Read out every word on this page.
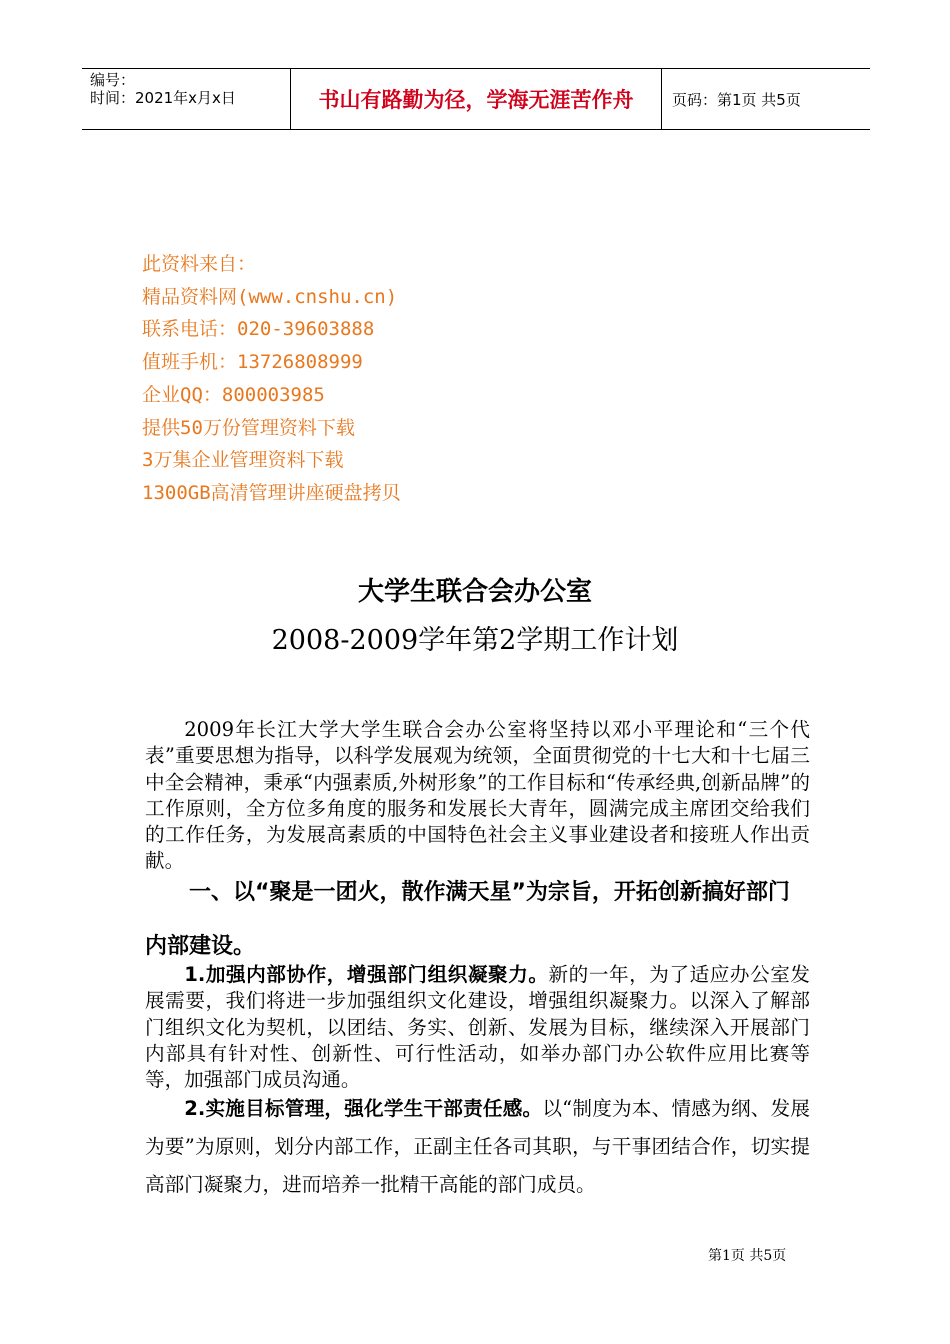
编号：
时间：2021年x月x日	书山有路勤为径，学海无涯苦作舟	页码：第1页 共5页
此资料来自：
精品资料网(www.cnshu.cn)
联系电话：020-39603888
值班手机：13726808999
企业QQ：800003985
提供50万份管理资料下载
3万集企业管理资料下载
1300GB高清管理讲座硬盘拷贝
大学生联合会办公室
2008-2009学年第2学期工作计划
2009年长江大学大学生联合会办公室将坚持以邓小平理论和“三个代表”重要思想为指导，以科学发展观为统领，全面贯彻党的十七大和十七届三中全会精神，秉承“内强素质,外树形象”的工作目标和“传承经典,创新品牌”的工作原则，全方位多角度的服务和发展长大青年，圆满完成主席团交给我们的工作任务，为发展高素质的中国特色社会主义事业建设者和接班人作出贡献。
一、以“聚是一团火，散作满天星”为宗旨，开拓创新搞好部门内部建设。
1.加强内部协作，增强部门组织凝聚力。新的一年，为了适应办公室发展需要，我们将进一步加强组织文化建设，增强组织凝聚力。以深入了解部门组织文化为契机，以团结、务实、创新、发展为目标，继续深入开展部门内部具有针对性、创新性、可行性活动，如举办部门办公软件应用比赛等等，加强部门成员沟通。
2.实施目标管理，强化学生干部责任感。以“制度为本、情感为纲、发展为要”为原则，划分内部工作，正副主任各司其职，与干事团结合作，切实提高部门凝聚力，进而培养一批精干高能的部门成员。
第1页 共5页
